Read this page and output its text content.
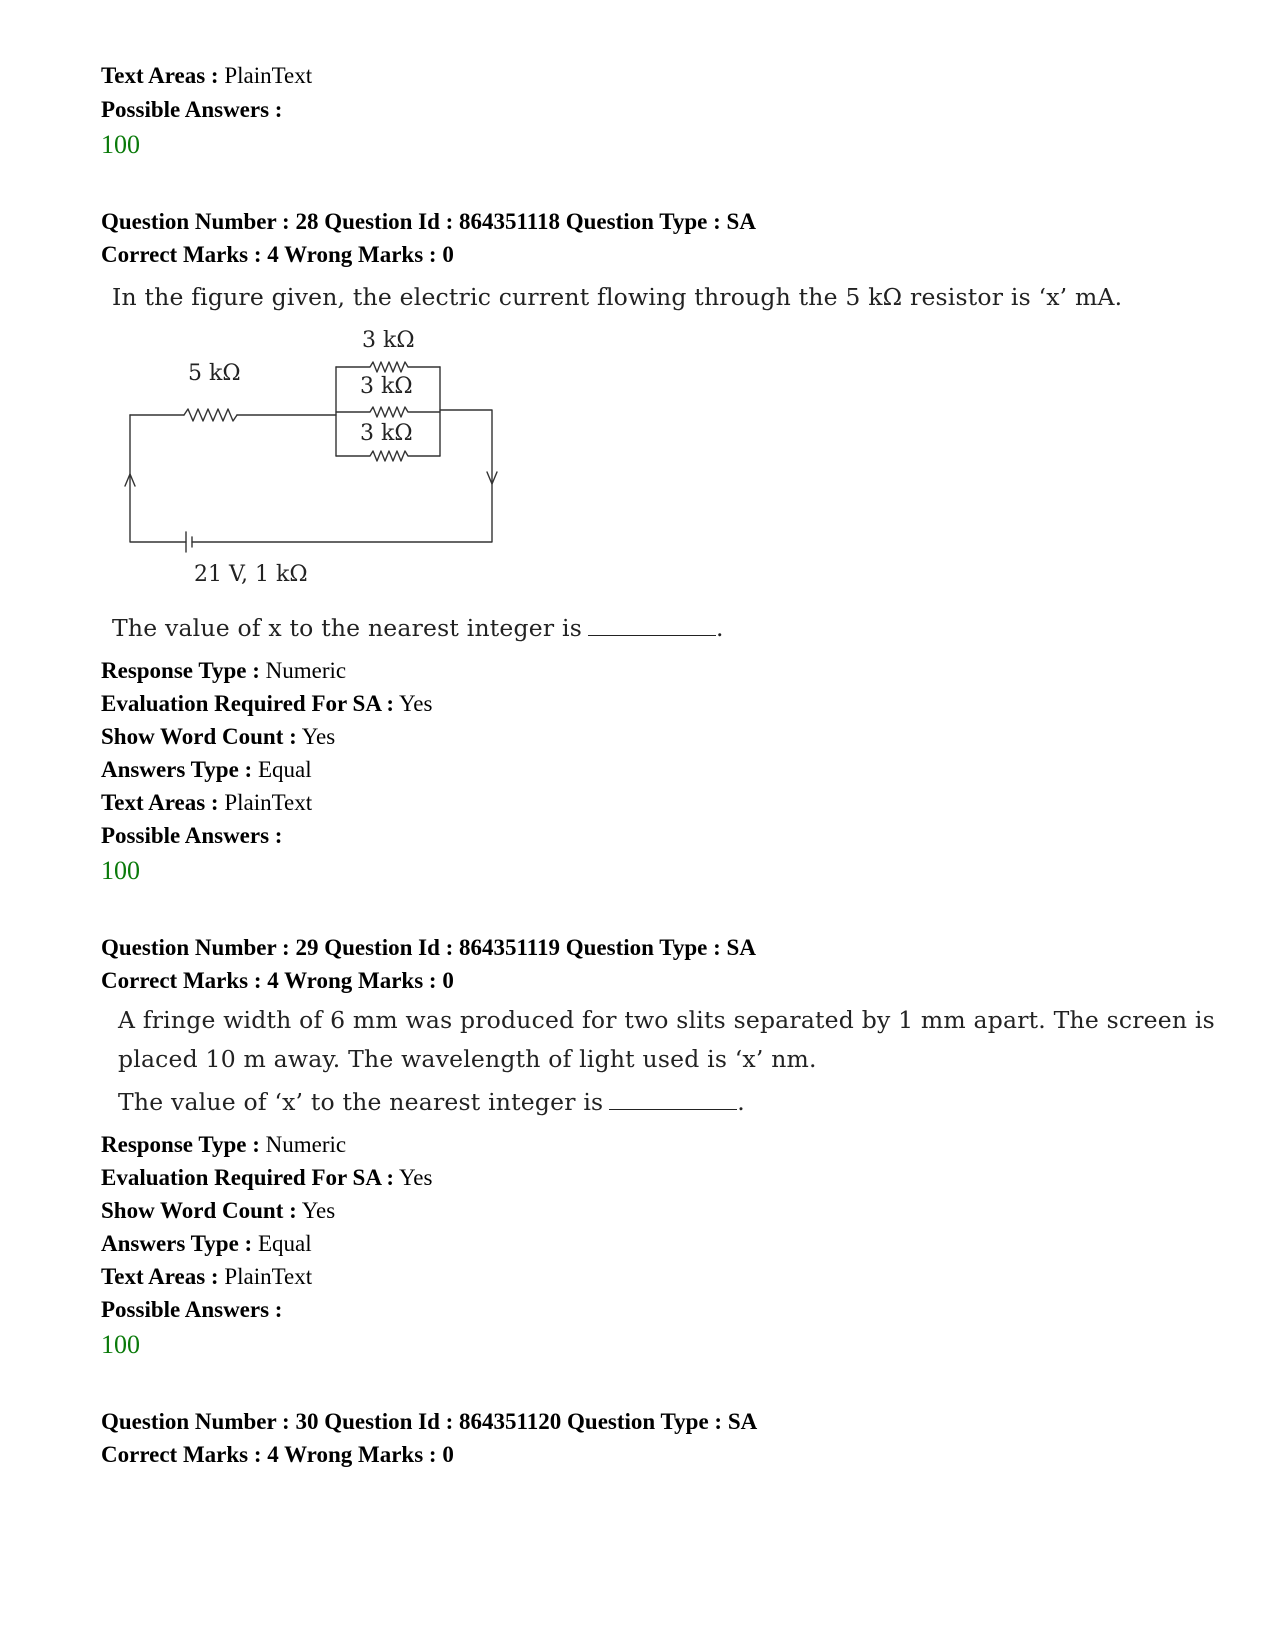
Text Areas : PlainText
Possible Answers :
100
Question Number : 28 Question Id : 864351118 Question Type : SA
Correct Marks : 4 Wrong Marks : 0
In the figure given, the electric current flowing through the 5 kΩ resistor is ‘x’ mA.
5 kΩ
3 kΩ
3 kΩ
3 kΩ
21 V, 1 kΩ
The value of x to the nearest integer is	.
Response Type : Numeric
Evaluation Required For SA : Yes
Show Word Count : Yes
Answers Type : Equal
Text Areas : PlainText
Possible Answers :
100
Question Number : 29 Question Id : 864351119 Question Type : SA
Correct Marks : 4 Wrong Marks : 0
A fringe width of 6 mm was produced for two slits separated by 1 mm apart. The screen is
placed 10 m away. The wavelength of light used is ‘x’ nm.
The value of ‘x’ to the nearest integer is	.
Response Type : Numeric
Evaluation Required For SA : Yes
Show Word Count : Yes
Answers Type : Equal
Text Areas : PlainText
Possible Answers :
100
Question Number : 30 Question Id : 864351120 Question Type : SA
Correct Marks : 4 Wrong Marks : 0
